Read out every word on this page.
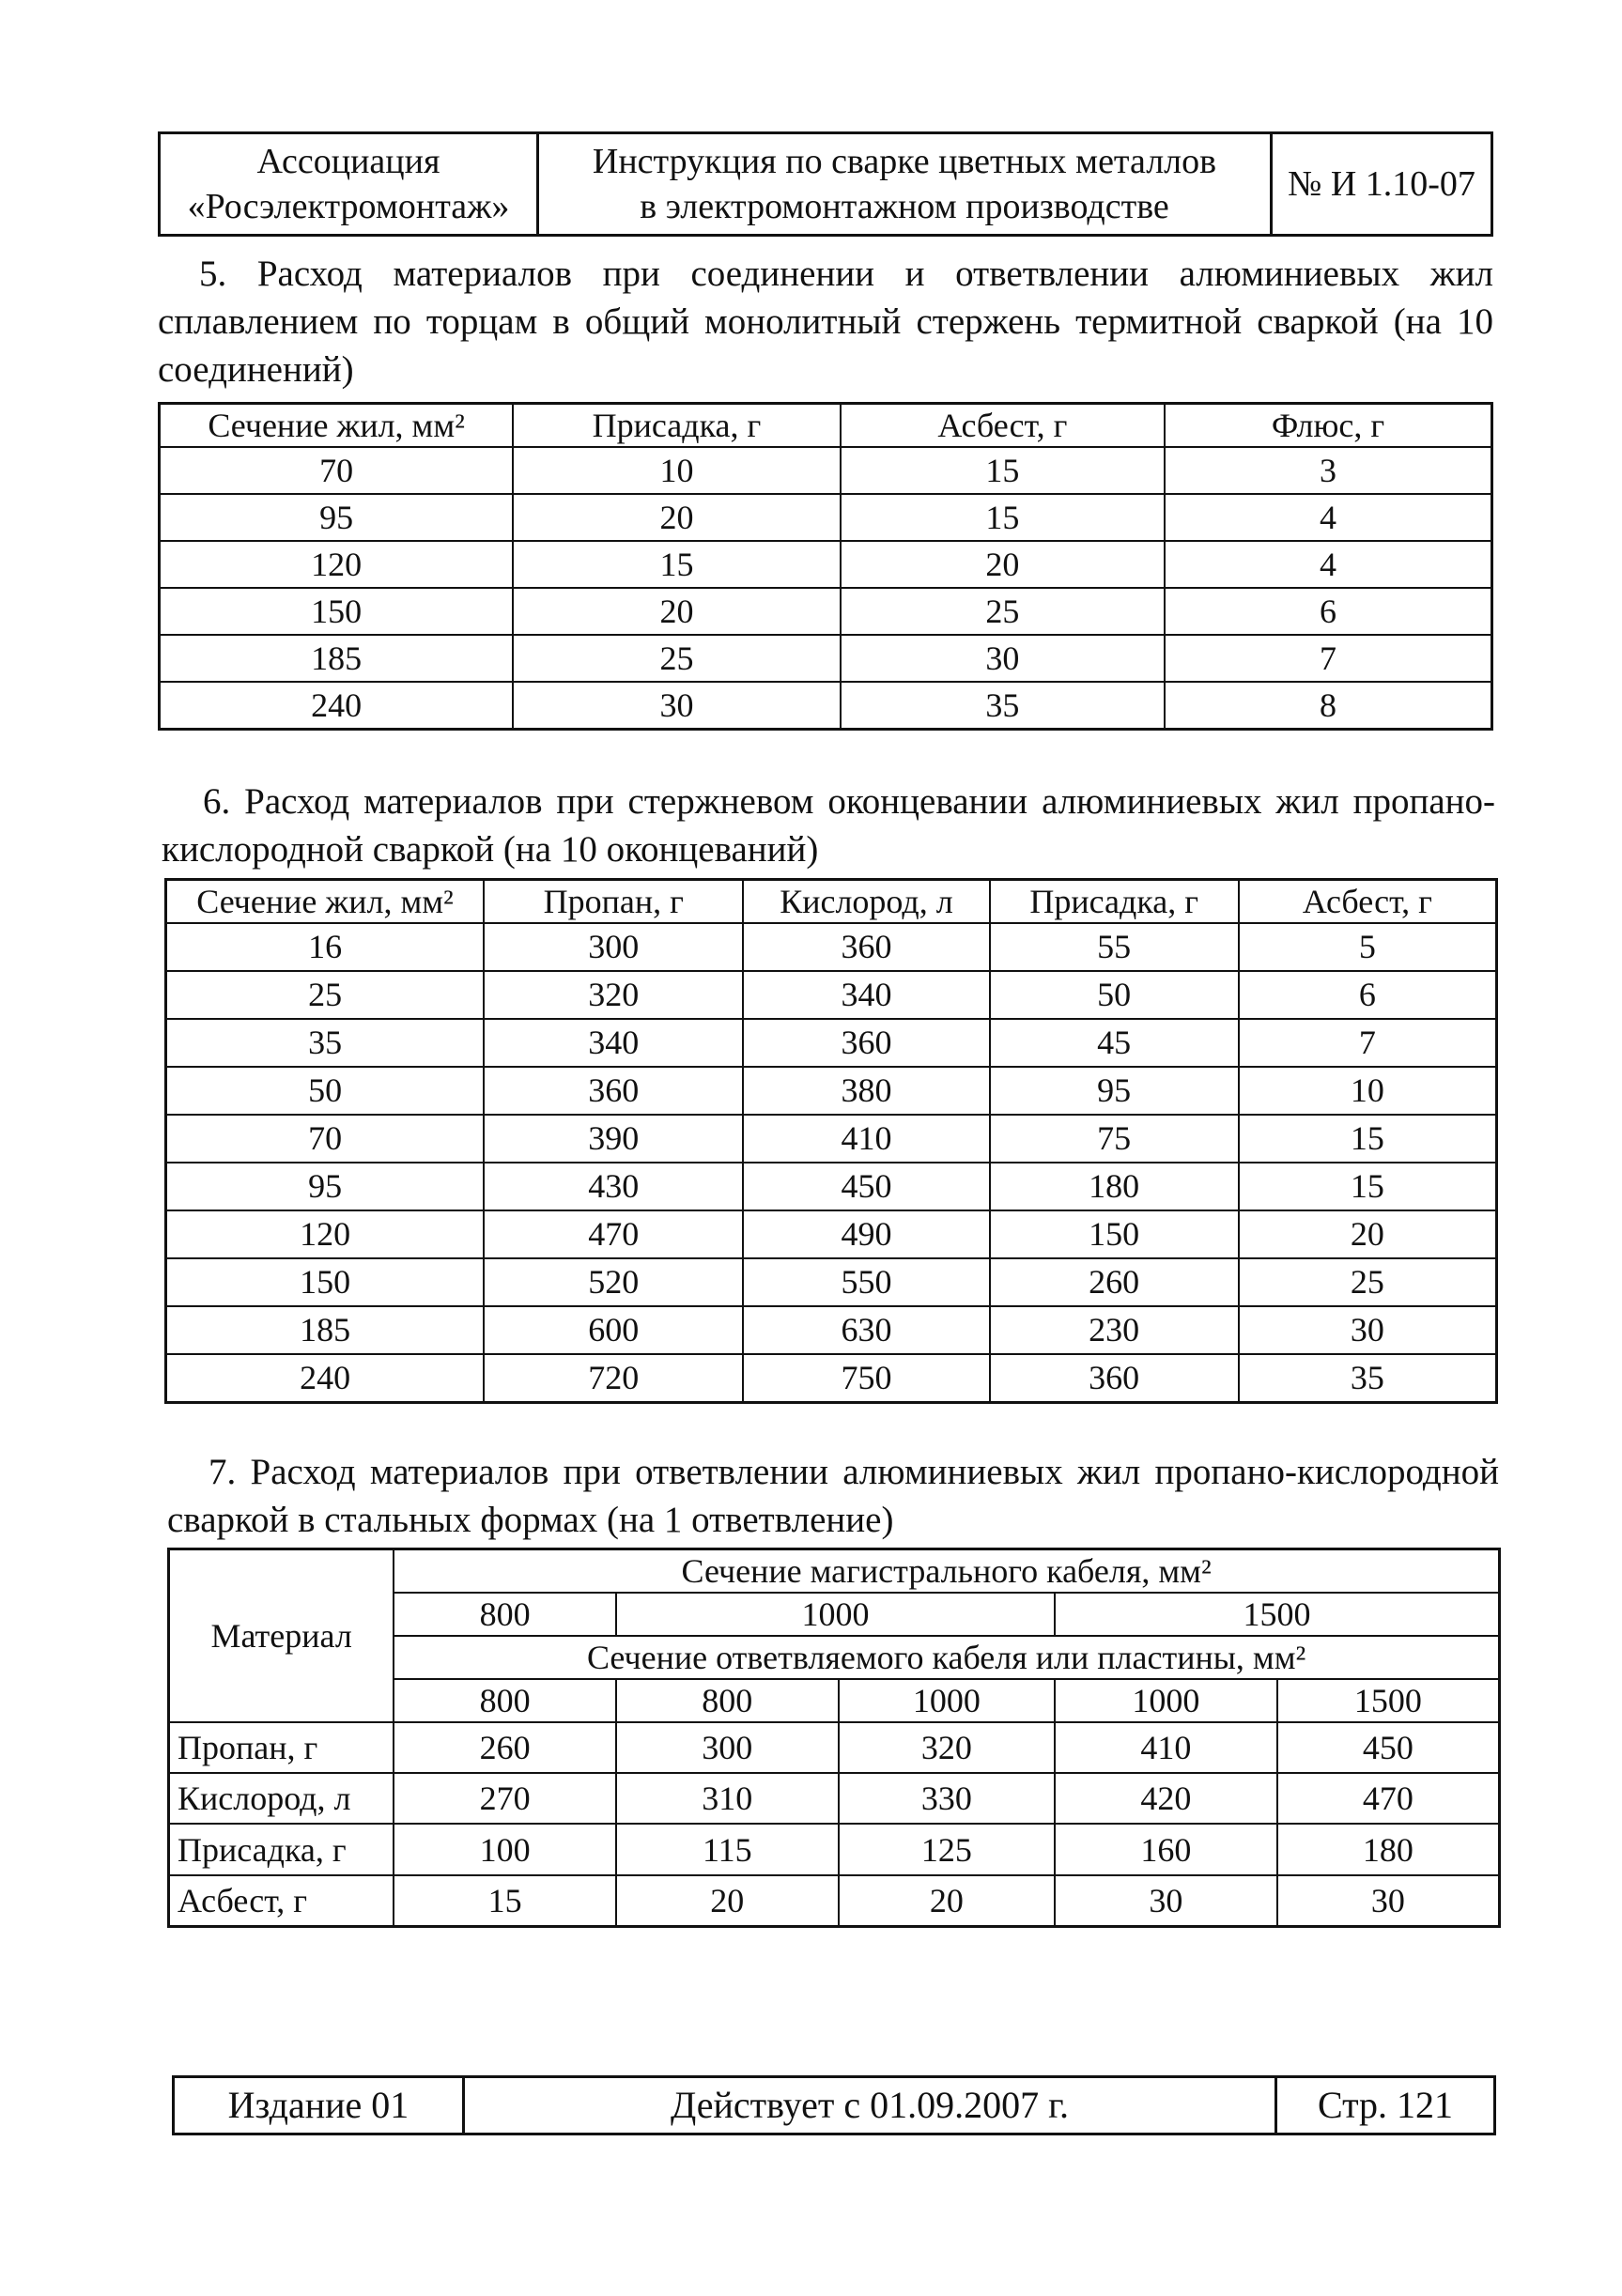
Ассоциация
«Росэлектромонтаж»

Инструкция по сварке цветных металлов
в электромонтажном производстве
	№ И 1.10-07

5. Расход материалов при соединении и ответвлении алюминиевых жил сплавлением по торцам в общий монолитный стержень термитной сваркой (на 10 соединений)

Сечение жил, мм²	Присадка, г	Асбест, г	Флюс, г
70	10	15	3
95	20	15	4
120	15	20	4
150	20	25	6
185	25	30	7
240	30	35	8

6. Расход материалов при стержневом оконцевании алюминиевых жил пропано-кислородной сваркой (на 10 оконцеваний)

Сечение жил, мм²	Пропан, г	Кислород, л	Присадка, г	Асбест, г
16	300	360	55	5
25	320	340	50	6
35	340	360	45	7
50	360	380	95	10
70	390	410	75	15
95	430	450	180	15
120	470	490	150	20
150	520	550	260	25
185	600	630	230	30
240	720	750	360	35

7. Расход материалов при ответвлении алюминиевых жил пропано-кислородной сваркой в стальных формах (на 1 ответвление)

Материал	Сечение магистрального кабеля, мм²				
	800	1000		1500	
	Сечение ответвляемого кабеля или пластины, мм²				
	800	800	1000	1000	1500
Пропан, г	260	300	320	410	450
Кислород, л	270	310	330	420	470
Присадка, г	100	115	125	160	180
Асбест, г	15	20	20	30	30
Издание 01	Действует с 01.09.2007 г.	Стр. 121
